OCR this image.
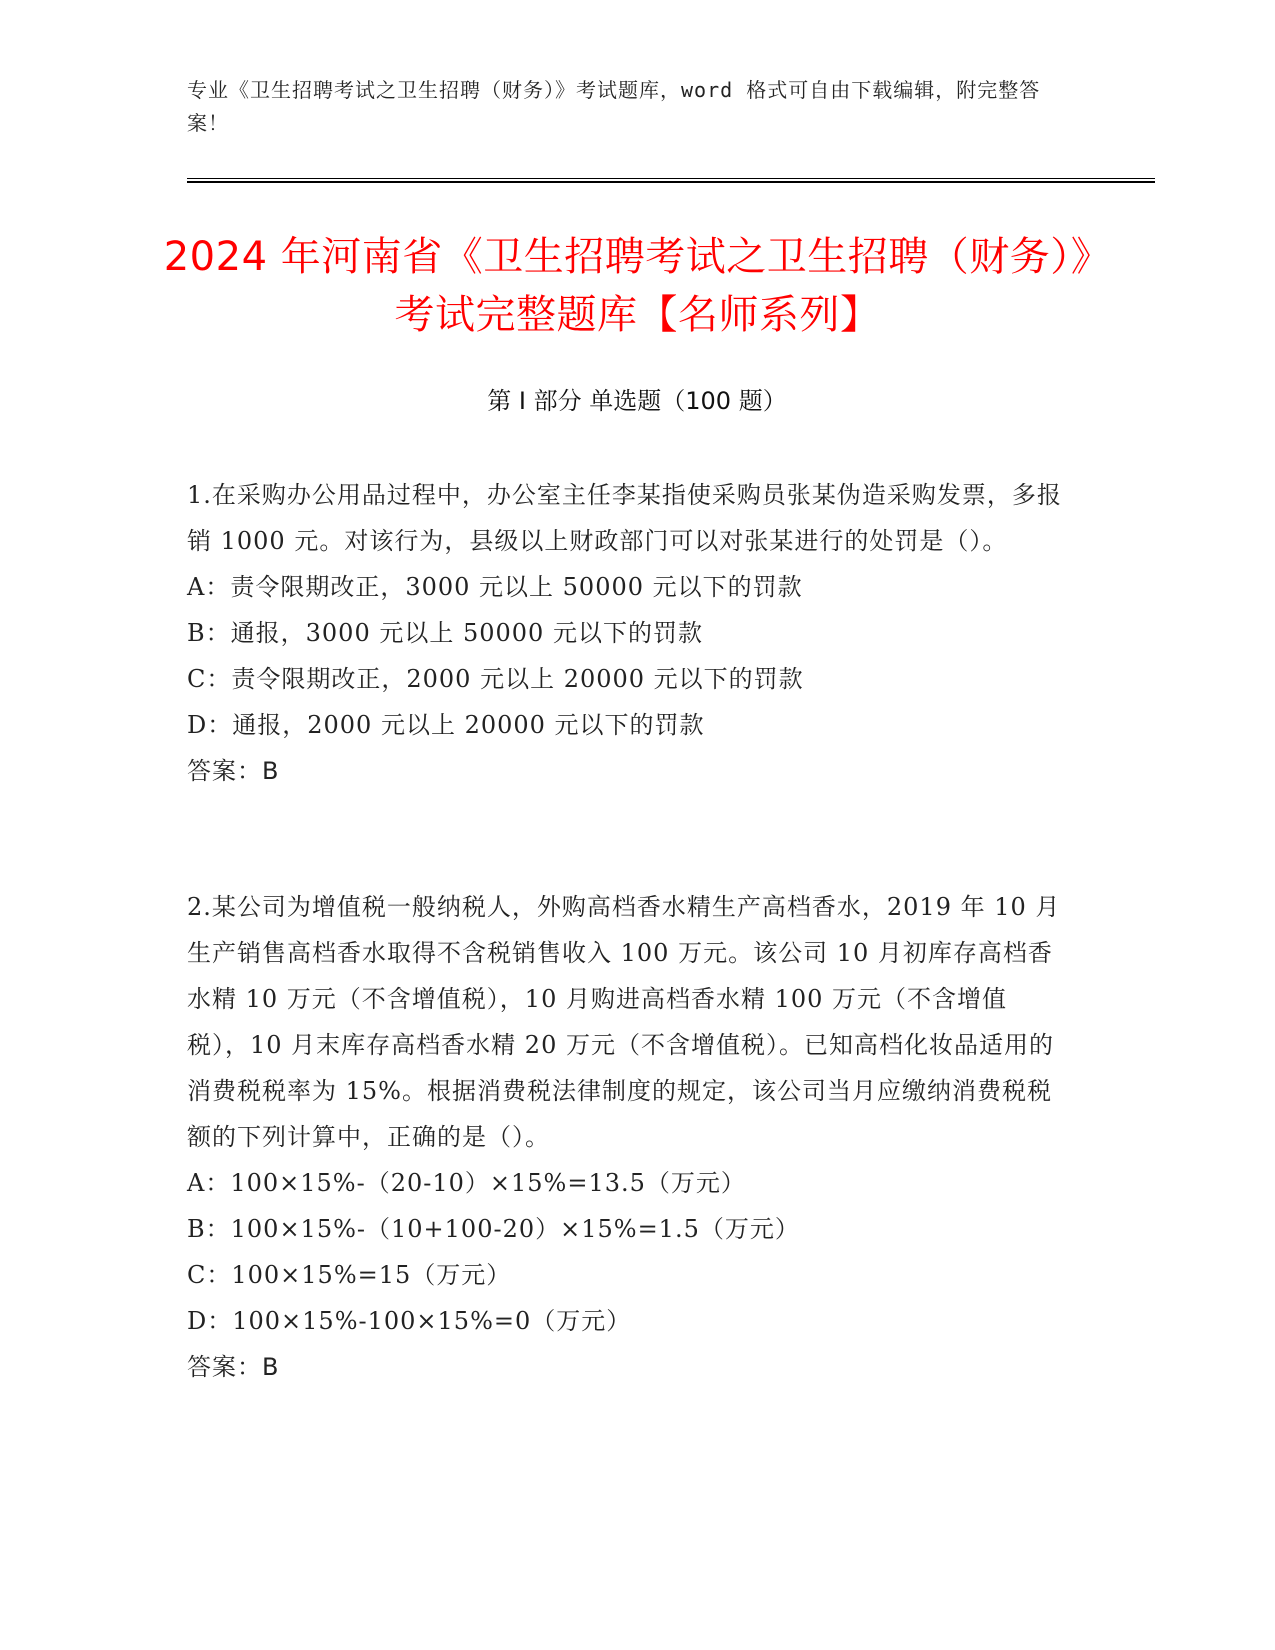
专业《卫生招聘考试之卫生招聘（财务）》考试题库，word 格式可自由下载编辑，附完整答案！
2024 年河南省《卫生招聘考试之卫生招聘（财务）》考试完整题库【名师系列】
第 I 部分 单选题（100 题）

1.在采购办公用品过程中，办公室主任李某指使采购员张某伪造采购发票，多报销 1000 元。对该行为，县级以上财政部门可以对张某进行的处罚是（）。

A：责令限期改正，3000 元以上 50000 元以下的罚款

B：通报，3000 元以上 50000 元以下的罚款

C：责令限期改正，2000 元以上 20000 元以下的罚款

D：通报，2000 元以上 20000 元以下的罚款

答案：B

2.某公司为增值税一般纳税人，外购高档香水精生产高档香水，2019 年 10 月生产销售高档香水取得不含税销售收入 100 万元。该公司 10 月初库存高档香水精 10 万元（不含增值税），10 月购进高档香水精 100 万元（不含增值税），10 月末库存高档香水精 20 万元（不含增值税）。已知高档化妆品适用的消费税税率为 15%。根据消费税法律制度的规定，该公司当月应缴纳消费税税额的下列计算中，正确的是（）。

A：100×15%-（20-10）×15%=13.5（万元）

B：100×15%-（10+100-20）×15%=1.5（万元）

C：100×15%=15（万元）

D：100×15%-100×15%=0（万元）

答案：B
